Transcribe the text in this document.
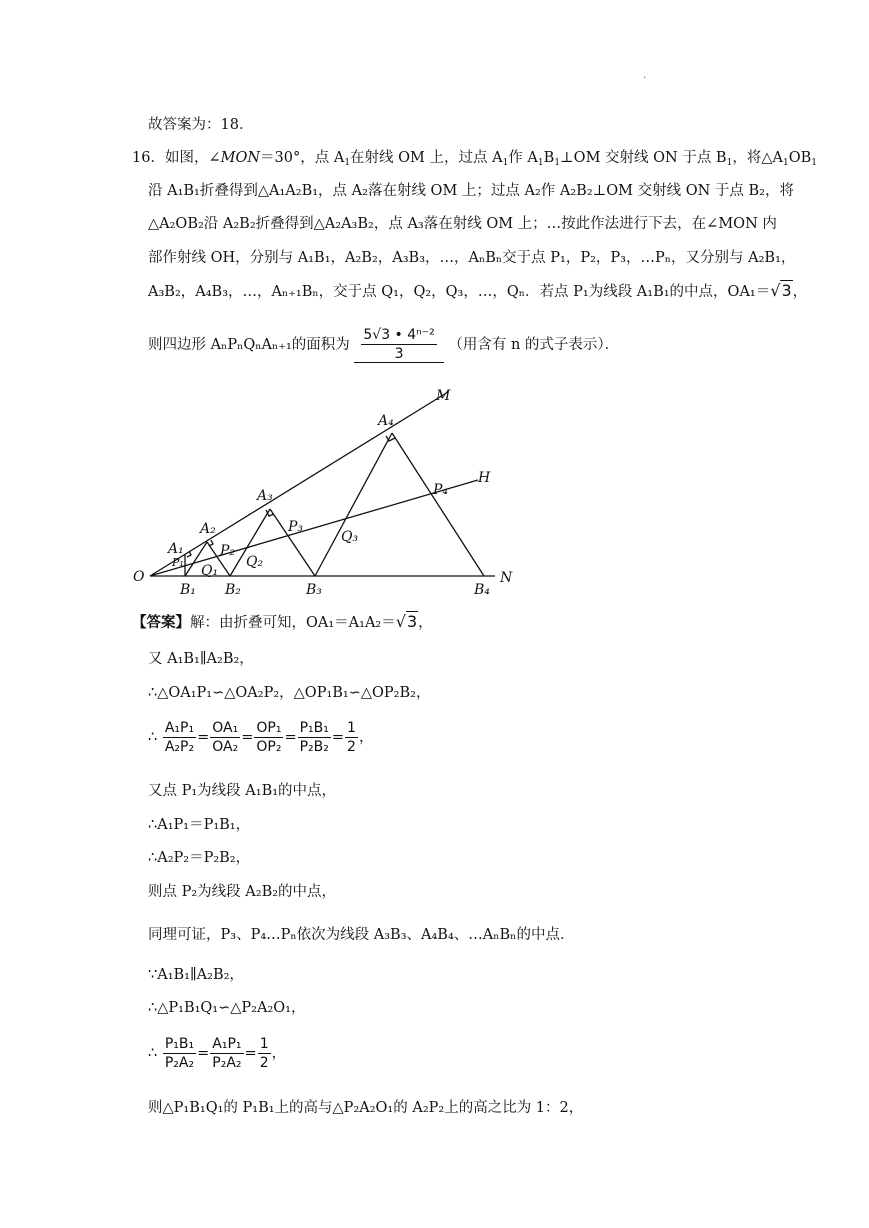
.
故答案为：18．
16．如图，∠MON＝30°，点 $A_1$在射线 OM 上，过点 $A_1$作 $A_1B_1\perp OM$ 交射线 ON 于点 $B_1$，将$\triangle A_1OB_1$
沿 A₁B₁折叠得到△A₁A₂B₁，点 A₂落在射线 OM 上；过点 A₂作 A₂B₂⊥OM 交射线 ON 于点 B₂，将
△A₂OB₂沿 A₂B₂折叠得到△A₂A₃B₂，点 A₃落在射线 OM 上；…按此作法进行下去，在∠MON 内
部作射线 OH，分别与 A₁B₁，A₂B₂，A₃B₃，…，AₙBₙ交于点 P₁，P₂，P₃，…Pₙ，又分别与 A₂B₁，
A₃B₂，A₄B₃，…，Aₙ₊₁Bₙ，交于点 Q₁，Q₂，Q₃，…，Qₙ．若点 P₁为线段 A₁B₁的中点，OA₁＝√3，
则四边形 AₙPₙQₙAₙ₊₁的面积为 $\frac{\text{5√3 • 4ⁿ⁻²}}{3}$ （用含有 n 的式子表示）．
O
M
N
H
A₁
A₂
A₃
A₄
B₁ B₂	B₃	B₄
P₁
P₂
P₃
P₄
Q₁
Q₂
Q₃
【答案】解：由折叠可知，OA₁＝A₁A₂＝√3，
又 A₁B₁∥A₂B₂，
∴△OA₁P₁∽△OA₂P₂，△OP₁B₁∽△OP₂B₂，
∴ $\frac{\text{A₁P₁}}{\text{A₂P₂}} = \frac{\text{OA₁}}{\text{OA₂}} = \frac{\text{OP₁}}{\text{OP₂}} = \frac{\text{P₁B₁}}{\text{P₂B₂}} = \frac{1}{2}$ ，
又点 P₁为线段 A₁B₁的中点，
∴A₁P₁＝P₁B₁，
∴A₂P₂＝P₂B₂，
则点 P₂为线段 A₂B₂的中点，
同理可证，P₃、P₄…Pₙ依次为线段 A₃B₃、A₄B₄、…AₙBₙ的中点．
∵A₁B₁∥A₂B₂，
∴△P₁B₁Q₁∽△P₂A₂O₁，
∴ $\frac{\text{P₁B₁}}{\text{P₂A₂}} = \frac{\text{A₁P₁}}{\text{P₂A₂}} = \frac{1}{2}$ ，
则△P₁B₁Q₁的 P₁B₁上的高与△P₂A₂O₁的 A₂P₂上的高之比为 1：2，
